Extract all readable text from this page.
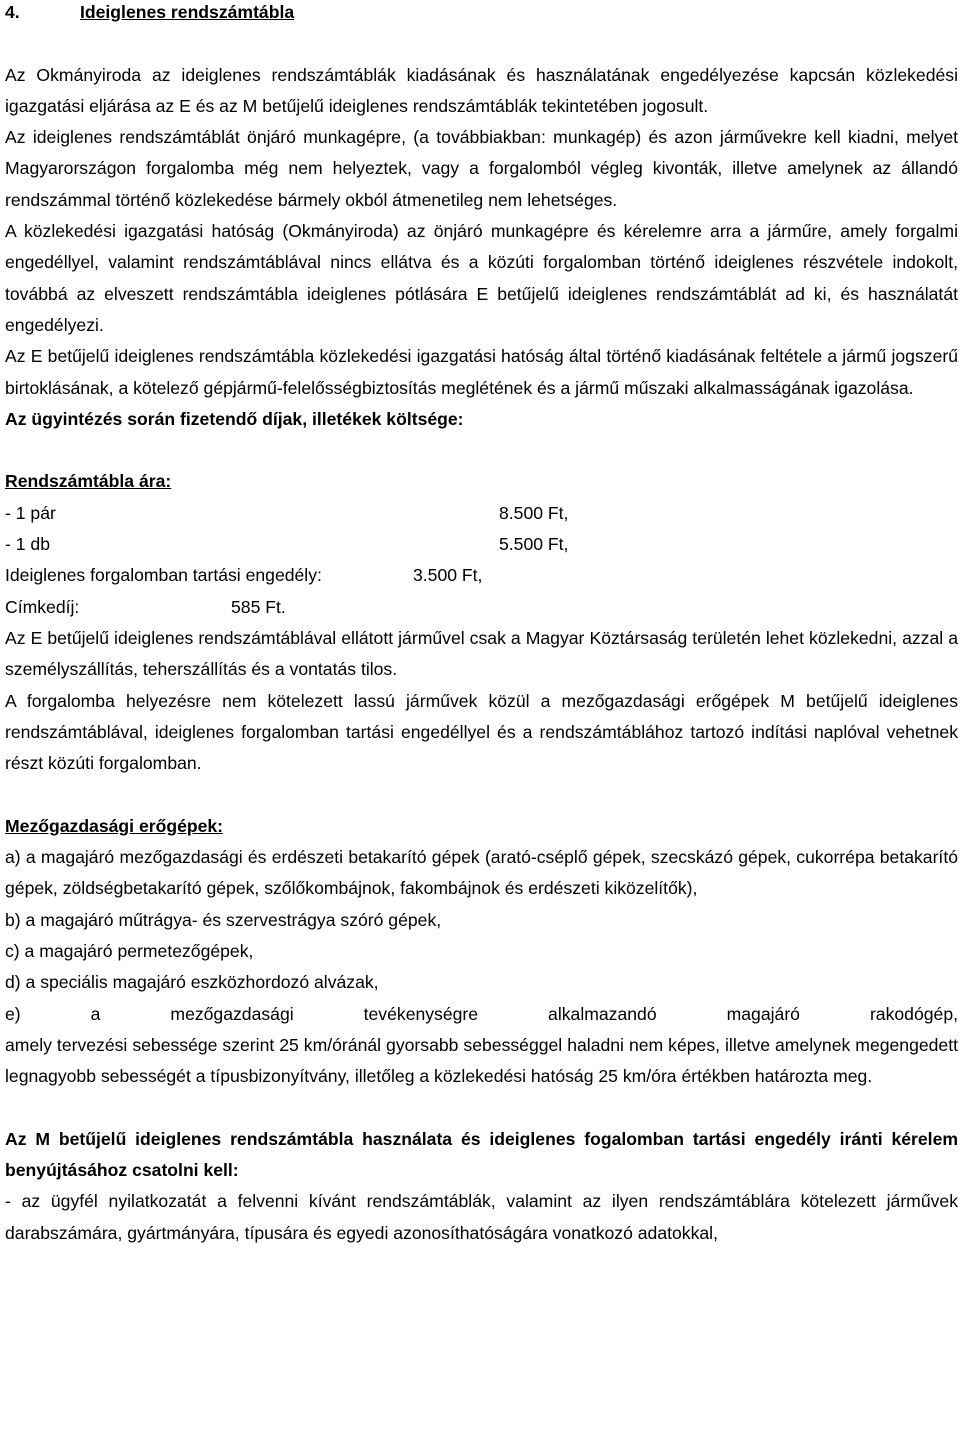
4.	Ideiglenes rendszámtábla

Az Okmányiroda az ideiglenes rendszámtáblák kiadásának és használatának engedélyezése kapcsán közlekedési igazgatási eljárása az E és az M betűjelű ideiglenes rendszámtáblák tekintetében jogosult.

Az ideiglenes rendszámtáblát önjáró munkagépre, (a továbbiakban: munkagép) és azon járművekre kell kiadni, melyet Magyarországon forgalomba még nem helyeztek, vagy a forgalomból végleg kivonták, illetve amelynek az állandó rendszámmal történő közlekedése bármely okból átmenetileg nem lehetséges.

A közlekedési igazgatási hatóság (Okmányiroda) az önjáró munkagépre és kérelemre arra a járműre, amely forgalmi engedéllyel, valamint rendszámtáblával nincs ellátva és a közúti forgalomban történő ideiglenes részvétele indokolt, továbbá az elveszett rendszámtábla ideiglenes pótlására E betűjelű ideiglenes rendszámtáblát ad ki, és használatát engedélyezi.

Az E betűjelű ideiglenes rendszámtábla közlekedési igazgatási hatóság által történő kiadásának feltétele a jármű jogszerű birtoklásának, a kötelező gépjármű-felelősségbiztosítás meglétének és a jármű műszaki alkalmasságának igazolása.

Az ügyintézés során fizetendő díjak, illetékek költsége:

Rendszámtábla ára:

- 1 pár	8.500 Ft,
- 1 db	5.500 Ft,
Ideiglenes forgalomban tartási engedély:	3.500 Ft,
Címkedíj:	585 Ft.

Az E betűjelű ideiglenes rendszámtáblával ellátott járművel csak a Magyar Köztársaság területén lehet közlekedni, azzal a személyszállítás, teherszállítás és a vontatás tilos.

A forgalomba helyezésre nem kötelezett lassú járművek közül a mezőgazdasági erőgépek M betűjelű ideiglenes rendszámtáblával, ideiglenes forgalomban tartási engedéllyel és a rendszámtáblához tartozó indítási naplóval vehetnek részt közúti forgalomban.

Mezőgazdasági erőgépek:

a) a magajáró mezőgazdasági és erdészeti betakarító gépek (arató-cséplő gépek, szecskázó gépek, cukorrépa betakarító gépek, zöldségbetakarító gépek, szőlőkombájnok, fakombájnok és erdészeti kiközelítők),

b) a magajáró műtrágya- és szervestrágya szóró gépek,

c) a magajáró permetezőgépek,

d) a speciális magajáró eszközhordozó alvázak,

e) a mezőgazdasági tevékenységre alkalmazandó magajáró rakodógép,

amely tervezési sebessége szerint 25 km/óránál gyorsabb sebességgel haladni nem képes, illetve amelynek megengedett legnagyobb sebességét a típusbizonyítvány, illetőleg a közlekedési hatóság 25 km/óra értékben határozta meg.

Az M betűjelű ideiglenes rendszámtábla használata és ideiglenes fogalomban tartási engedély iránti kérelem benyújtásához csatolni kell:

- az ügyfél nyilatkozatát a felvenni kívánt rendszámtáblák, valamint az ilyen rendszámtáblára kötelezett járművek darabszámára, gyártmányára, típusára és egyedi azonosíthatóságára vonatkozó adatokkal,
